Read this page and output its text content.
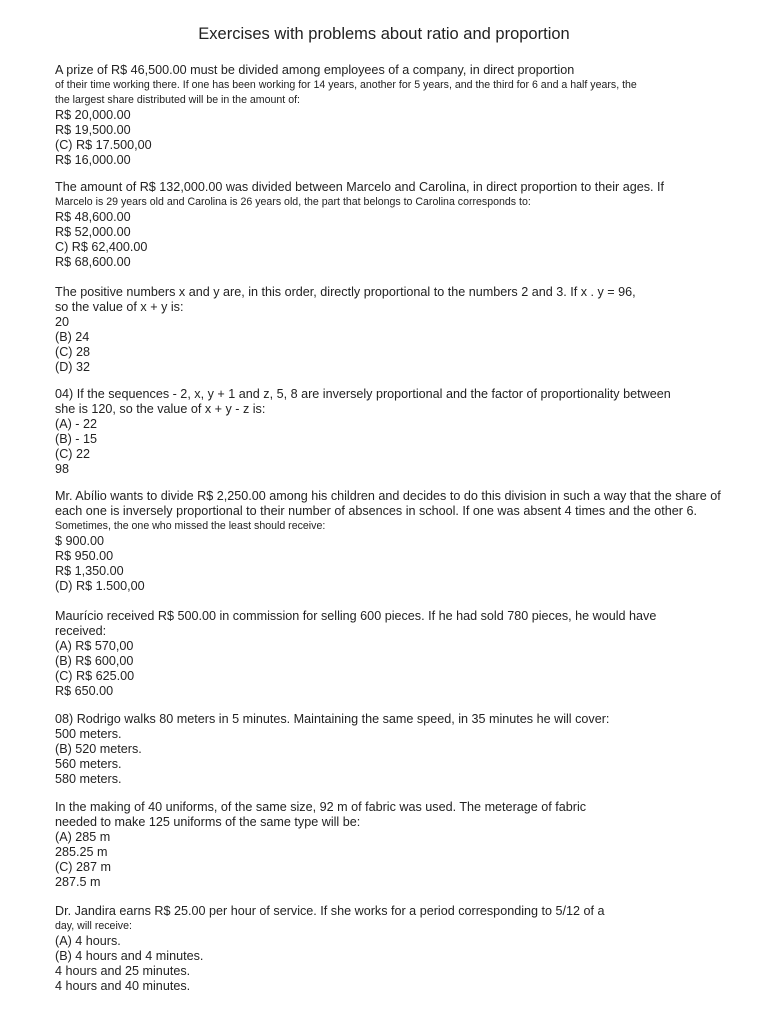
Exercises with problems about ratio and proportion
A prize of R$ 46,500.00 must be divided among employees of a company, in direct proportion
of their time working there. If one has been working for 14 years, another for 5 years, and the third for 6 and a half years, the
the largest share distributed will be in the amount of:
R$ 20,000.00
R$ 19,500.00
(C) R$ 17.500,00
R$ 16,000.00
The amount of R$ 132,000.00 was divided between Marcelo and Carolina, in direct proportion to their ages. If
Marcelo is 29 years old and Carolina is 26 years old, the part that belongs to Carolina corresponds to:
R$ 48,600.00
R$ 52,000.00
C) R$ 62,400.00
R$ 68,600.00
The positive numbers x and y are, in this order, directly proportional to the numbers 2 and 3. If x . y = 96,
so the value of x + y is:
20
(B) 24
(C) 28
(D) 32
04) If the sequences - 2, x, y + 1 and z, 5, 8 are inversely proportional and the factor of proportionality between
she is 120, so the value of x + y - z is:
(A) - 22
(B) - 15
(C) 22
98
Mr. Abílio wants to divide R$ 2,250.00 among his children and decides to do this division in such a way that the share of
each one is inversely proportional to their number of absences in school. If one was absent 4 times and the other 6.
Sometimes, the one who missed the least should receive:
$ 900.00
R$ 950.00
R$ 1,350.00
(D) R$ 1.500,00
Maurício received R$ 500.00 in commission for selling 600 pieces. If he had sold 780 pieces, he would have
received:
(A) R$ 570,00
(B) R$ 600,00
(C) R$ 625.00
R$ 650.00
08) Rodrigo walks 80 meters in 5 minutes. Maintaining the same speed, in 35 minutes he will cover:
500 meters.
(B) 520 meters.
560 meters.
580 meters.
In the making of 40 uniforms, of the same size, 92 m of fabric was used. The meterage of fabric
needed to make 125 uniforms of the same type will be:
(A) 285 m
285.25 m
(C) 287 m
287.5 m
Dr. Jandira earns R$ 25.00 per hour of service. If she works for a period corresponding to 5/12 of a
day, will receive:
(A) 4 hours.
(B) 4 hours and 4 minutes.
4 hours and 25 minutes.
4 hours and 40 minutes.
